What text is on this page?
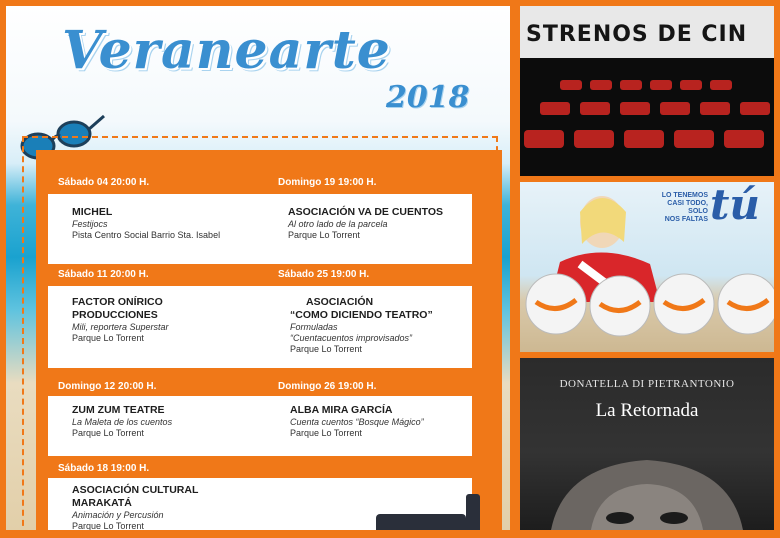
Veranearte
2018
Sábado 04 20:00 H.	Domingo 19 19:00 H.
MICHEL
Festijocs
Pista Centro Social Barrio Sta. Isabel
ASOCIACIÓN VA DE CUENTOS
Al otro lado de la parcela
Parque Lo Torrent
Sábado 11 20:00 H.	Sábado 25 19:00 H.
FACTOR ONÍRICO
PRODUCCIONES
Mili, reportera Superstar
Parque Lo Torrent
ASOCIACIÓN
“COMO DICIENDO TEATRO”
Formuladas
“Cuentacuentos improvisados”
Parque Lo Torrent
Domingo 12 20:00 H.	Domingo 26 19:00 H.
ZUM ZUM TEATRE
La Maleta de los cuentos
Parque Lo Torrent
ALBA MIRA GARCÍA
Cuenta cuentos “Bosque Mágico”
Parque Lo Torrent
Sábado 18 19:00 H.
ASOCIACIÓN CULTURAL
MARAKATÁ
Animación y Percusión
Parque Lo Torrent
STRENOS DE CIN
LO TENEMOS
CASI TODO,
SOLO
NOS FALTAS tú
DONATELLA DI PIETRANTONIO
La Retornada
